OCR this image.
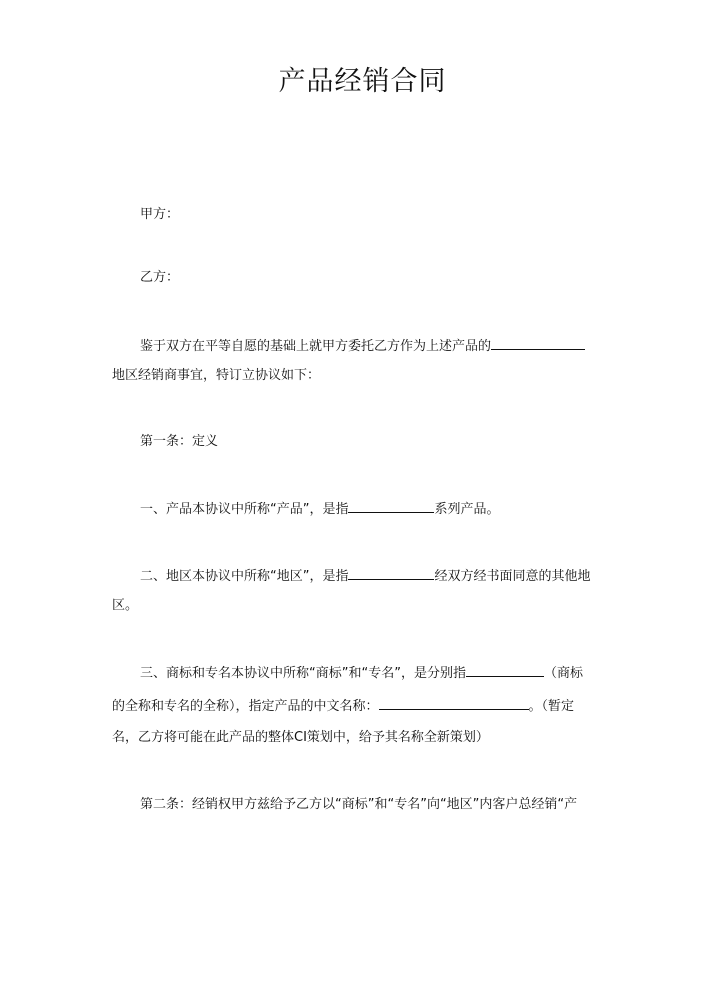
产品经销合同
甲方：
乙方：
鉴于双方在平等自愿的基础上就甲方委托乙方作为上述产品的
地区经销商事宜，特订立协议如下：
第一条：定义
一、产品本协议中所称“产品”，是指	系列产品。
二、地区本协议中所称“地区”，是指	经双方经书面同意的其他地
区。
三、商标和专名本协议中所称“商标”和“专名”，是分别指	（商标
的全称和专名的全称），指定产品的中文名称：	。（暂定
名，乙方将可能在此产品的整体CI策划中，给予其名称全新策划）
第二条：经销权甲方兹给予乙方以“商标”和“专名”向“地区”内客户总经销“产
